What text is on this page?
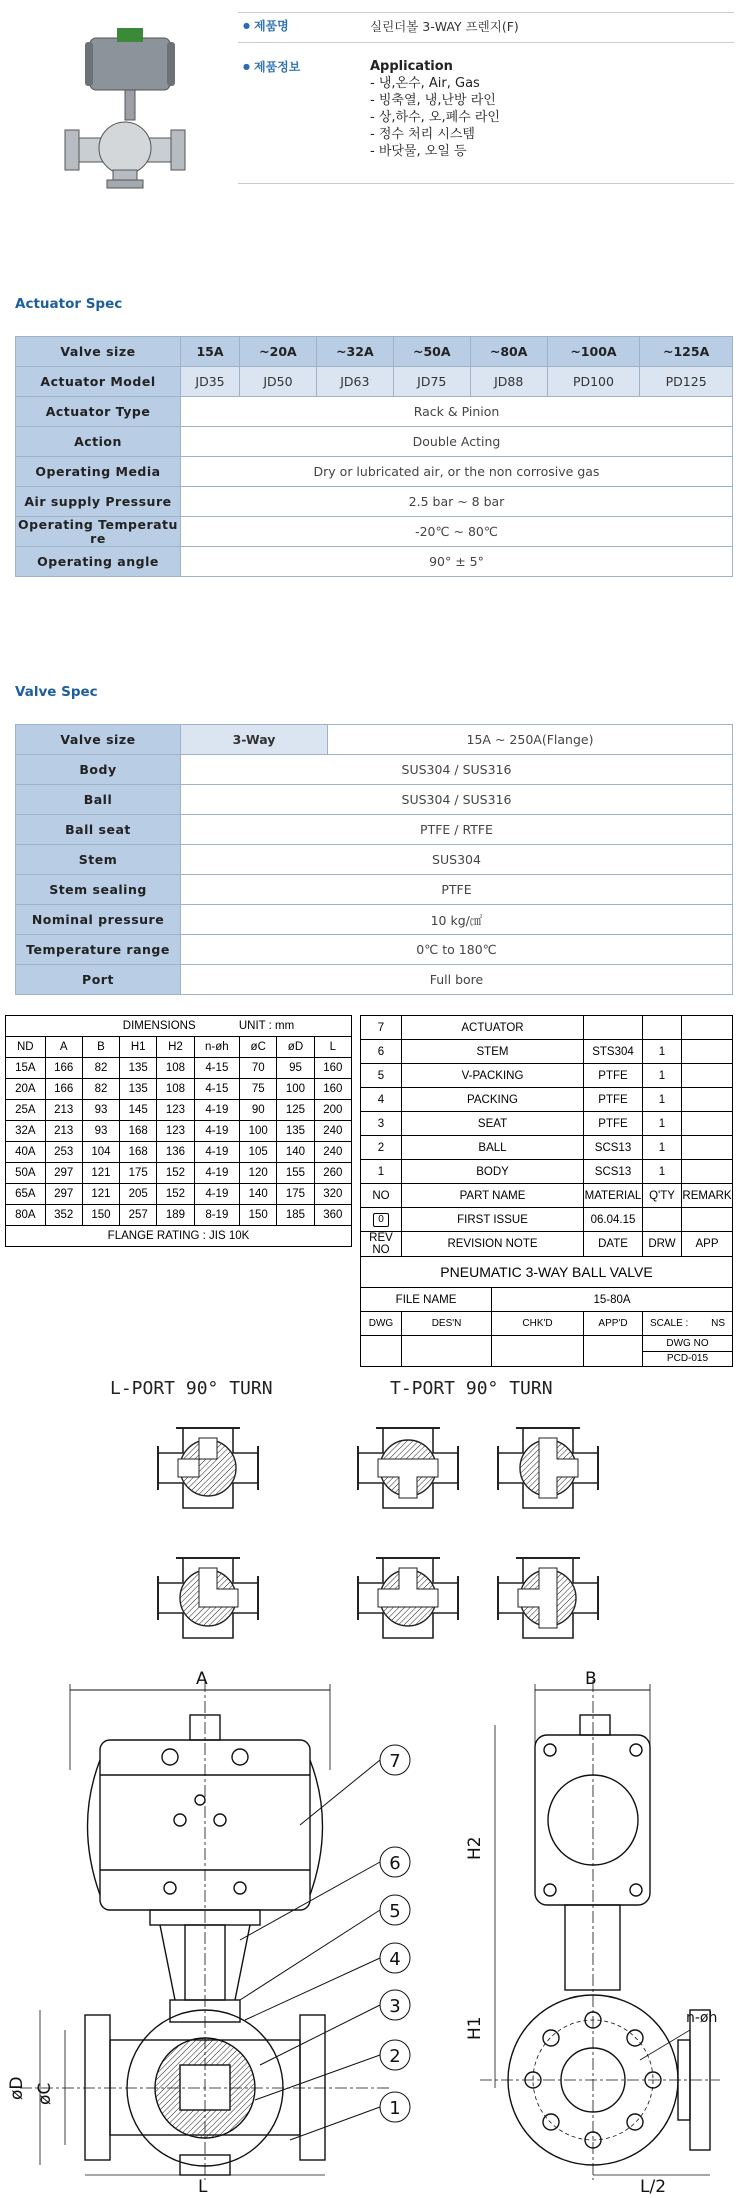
● 제품명	실린더볼 3-WAY 프렌지(F)
● 제품정보	Application
- 냉,온수, Air, Gas
- 빙축열, 냉,난방 라인
- 상,하수, 오,폐수 라인
- 정수 처리 시스템
- 바닷물, 오일 등
Actuator Spec
Valve size	15A	~20A	~32A	~50A	~80A	~100A	~125A
Actuator Model	JD35	JD50	JD63	JD75	JD88	PD100	PD125
Actuator Type	Rack & Pinion						
Action	Double Acting						
Operating Media	Dry or lubricated air, or the non corrosive gas						
Air supply Pressure	2.5 bar ~ 8 bar						
Operating Temperature	-20℃ ~ 80℃						
Operating angle	90° ± 5°						
Valve Spec
Valve size	3-Way	15A ~ 250A(Flange)
Body	SUS304 / SUS316	
Ball	SUS304 / SUS316	
Ball seat	PTFE / RTFE	
Stem	SUS304	
Stem sealing	PTFE	
Nominal pressure	10 kg/㎠	
Temperature range	0℃ to 180℃	
Port	Full bore	
DIMENSIONS UNIT : mm								
ND	A	B	H1	H2	n-øh	øC	øD	L
15A	166	82	135	108	4-15	70	95	160
20A	166	82	135	108	4-15	75	100	160
25A	213	93	145	123	4-19	90	125	200
32A	213	93	168	123	4-19	100	135	240
40A	253	104	168	136	4-19	105	140	240
50A	297	121	175	152	4-19	120	155	260
65A	297	121	205	152	4-19	140	175	320
80A	352	150	257	189	8-19	150	185	360
FLANGE RATING : JIS 10K								
7	ACTUATOR				
6	STEM		STS304	1	
5	V-PACKING		PTFE	1	
4	PACKING		PTFE	1	
3	SEAT		PTFE	1	
2	BALL		SCS13	1	
1	BODY		SCS13	1	
NO	PART NAME		MATERIAL	Q'TY	REMARK
0	FIRST ISSUE		06.04.15		
REV NO	REVISION NOTE		DATE	DRW	APP
PNEUMATIC 3-WAY BALL VALVE					
FILE NAME		15-80A			
DWG	DES'N	CHK'D	APP'D	SCALE : NS	
				DWG NO	
				PCD-015	
L-PORT 90° TURN	T-PORT 90° TURN
A	B
øD øC
L	L/2
H2
H1	n-øh
7
6
5
4
3
2
1
